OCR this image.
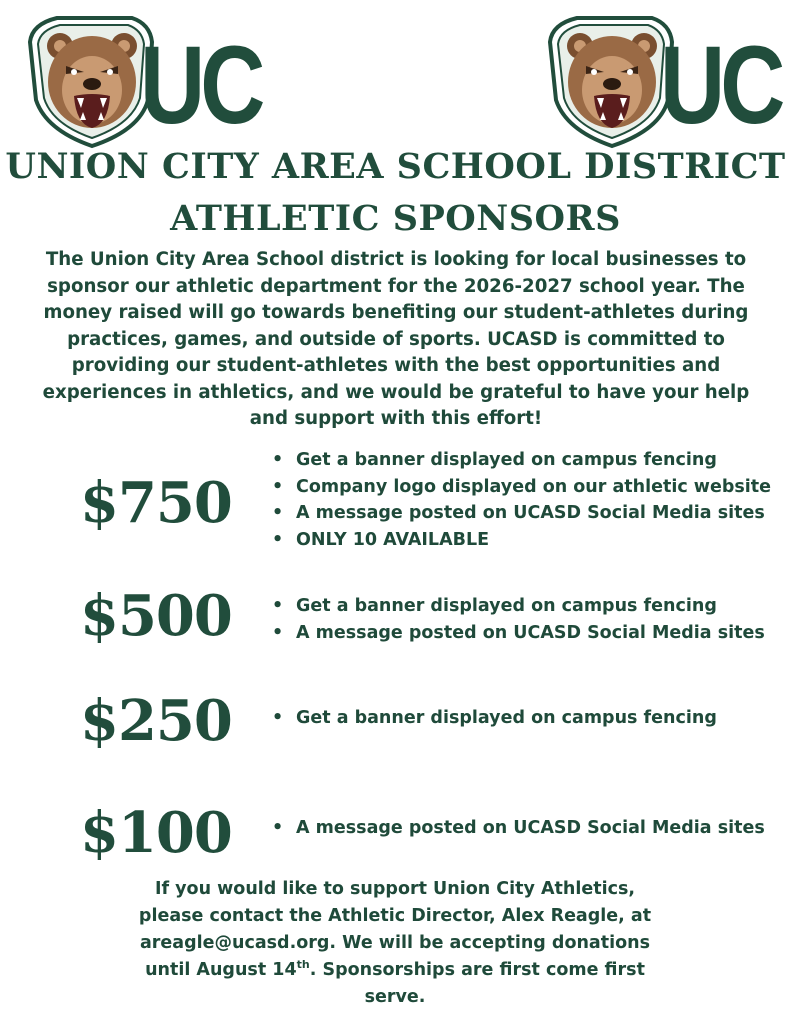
UC	UC
UNION CITY AREA SCHOOL DISTRICT
ATHLETIC SPONSORS
The Union City Area School district is looking for local businesses to sponsor our athletic department for the 2026-2027 school year. The money raised will go towards benefiting our student-athletes during practices, games, and outside of sports. UCASD is committed to providing our student-athletes with the best opportunities and experiences in athletics, and we would be grateful to have your help and support with this effort!
$750
• Get a banner displayed on campus fencing
• Company logo displayed on our athletic website
• A message posted on UCASD Social Media sites
• ONLY 10 AVAILABLE
$500	• Get a banner displayed on campus fencing
• A message posted on UCASD Social Media sites
$250	• Get a banner displayed on campus fencing
$100	• A message posted on UCASD Social Media sites
If you would like to support Union City Athletics,
please contact the Athletic Director, Alex Reagle, at
areagle@ucasd.org. We will be accepting donations
until August 14th. Sponsorships are first come first
serve.
